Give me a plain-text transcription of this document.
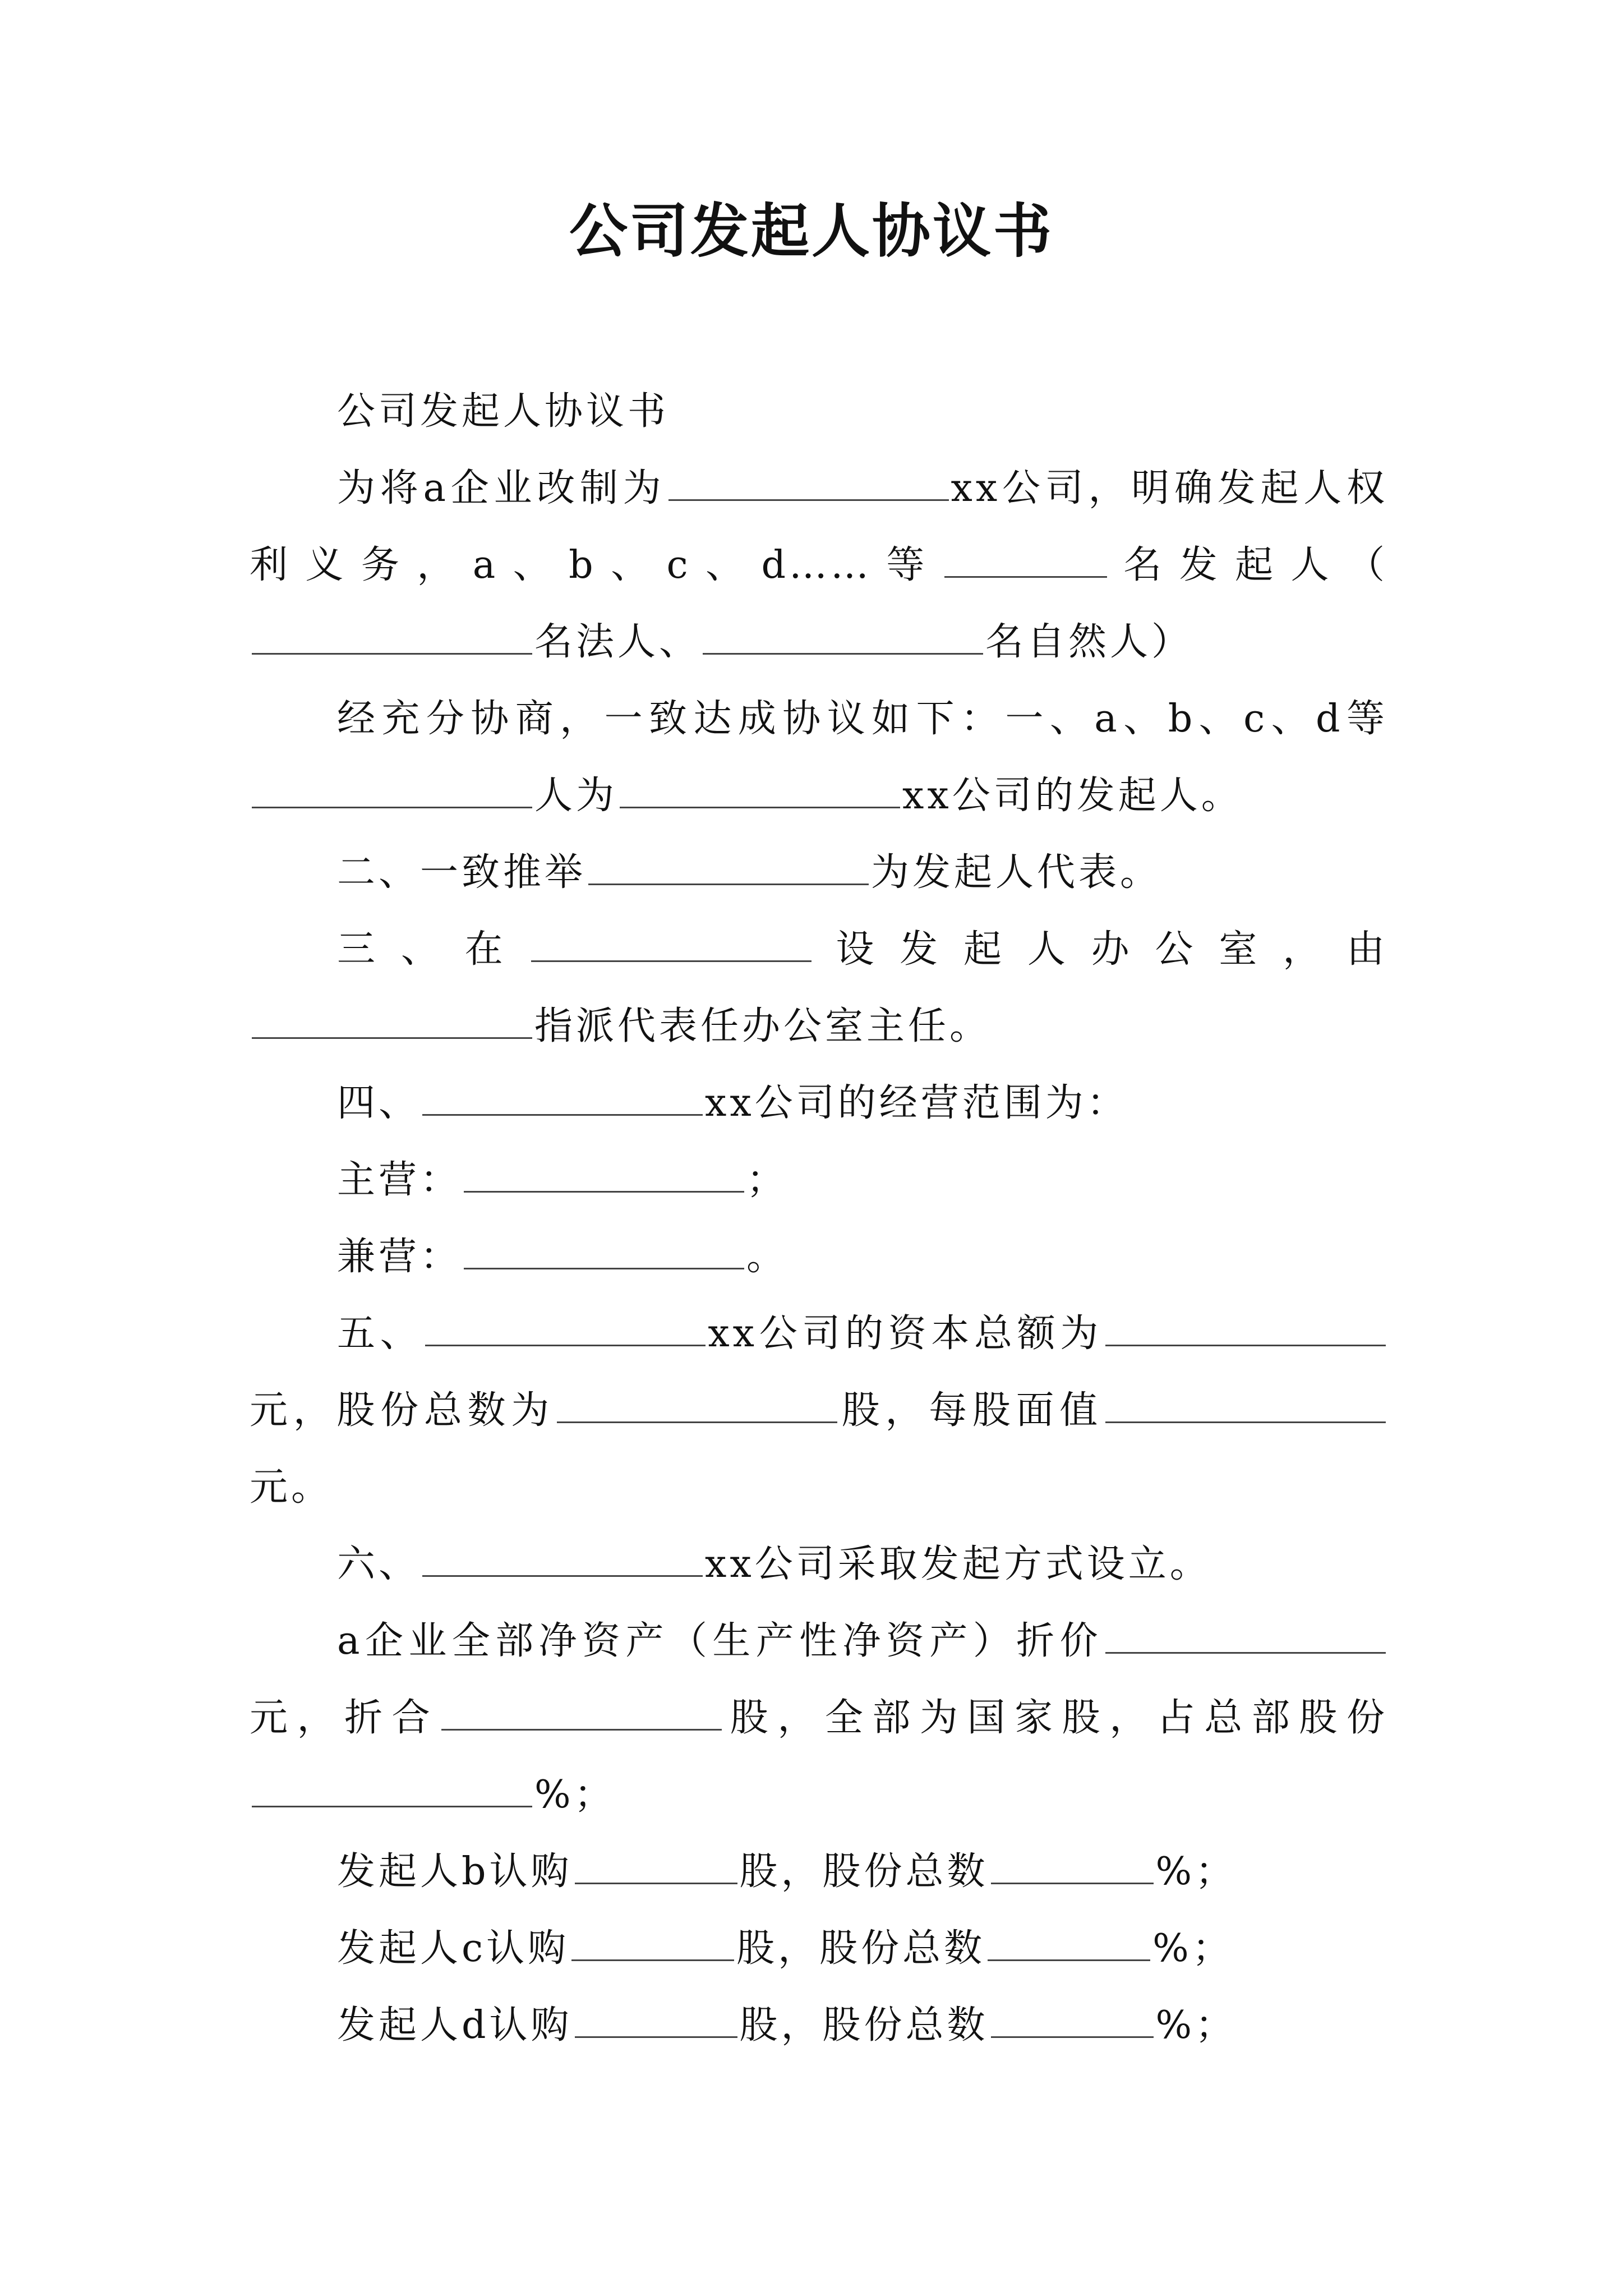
公司发起人协议书

公司发起人协议书

为将a企业改制为	xx公司，明确发起人权利义务，a、b、c、d……等	名发起人（名法人、	名自然人）

经充分协商，一致达成协议如下：一、a、b、c、d等人为	xx公司的发起人。

二、一致推举	为发起人代表。

三、在	设发起人办公室，由指派代表任办公室主任。

四、	xx公司的经营范围为：

主营：	；

兼营：	。

五、	xx公司的资本总额为元，股份总数为	股，每股面值元。

六、	xx公司采取发起方式设立。

a企业全部净资产（生产性净资产）折价元，折合	股，全部为国家股，占总部股份%；

发起人b认购	股，股份总数	%；

发起人c认购	股，股份总数	%；

发起人d认购	股，股份总数	%；
